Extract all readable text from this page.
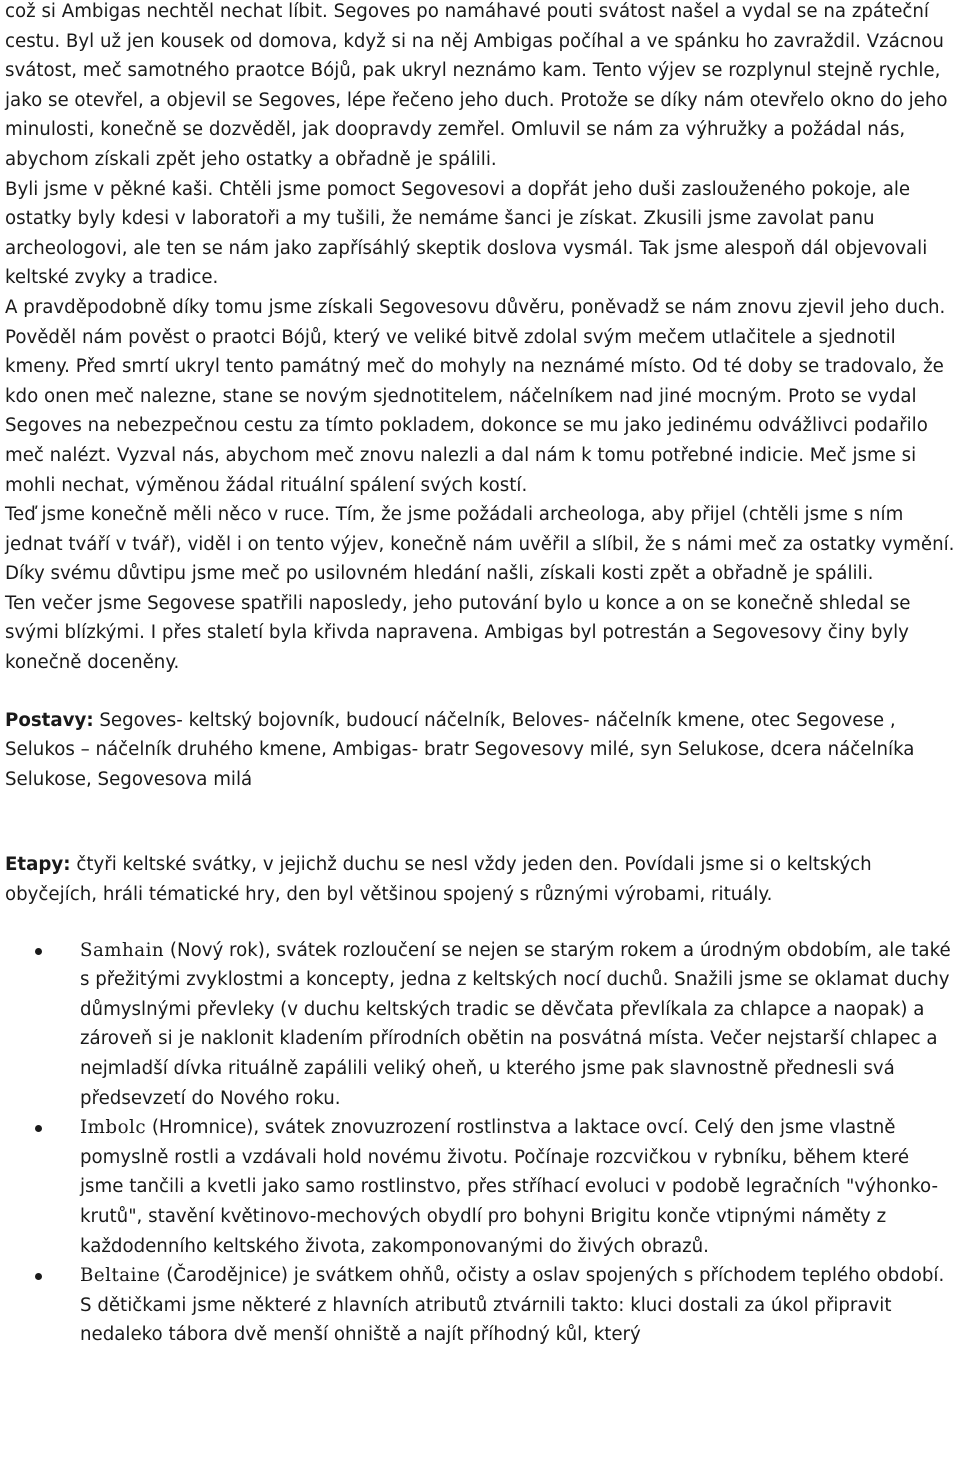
což si Ambigas nechtěl nechat líbit. Segoves po namáhavé pouti svátost našel a vydal se na zpáteční cestu. Byl už jen kousek od domova, když si na něj Ambigas počíhal a ve spánku ho zavraždil. Vzácnou svátost, meč samotného praotce Bójů, pak ukryl neznámo kam. Tento výjev se rozplynul stejně rychle, jako se otevřel, a objevil se Segoves, lépe řečeno jeho duch. Protože se díky nám otevřelo okno do jeho minulosti, konečně se dozvěděl, jak doopravdy zemřel. Omluvil se nám za výhružky a požádal nás, abychom získali zpět jeho ostatky a obřadně je spálili.

Byli jsme v pěkné kaši. Chtěli jsme pomoct Segovesovi a dopřát jeho duši zaslouženého pokoje, ale ostatky byly kdesi v laboratoři a my tušili, že nemáme šanci je získat. Zkusili jsme zavolat panu archeologovi, ale ten se nám jako zapřísáhlý skeptik doslova vysmál. Tak jsme alespoň dál objevovali keltské zvyky a tradice.

A pravděpodobně díky tomu jsme získali Segovesovu důvěru, poněvadž se nám znovu zjevil jeho duch. Pověděl nám pověst o praotci Bójů, který ve veliké bitvě zdolal svým mečem utlačitele a sjednotil kmeny. Před smrtí ukryl tento památný meč do mohyly na neznámé místo. Od té doby se tradovalo, že kdo onen meč nalezne, stane se novým sjednotitelem, náčelníkem nad jiné mocným. Proto se vydal Segoves na nebezpečnou cestu za tímto pokladem, dokonce se mu jako jedinému odvážlivci podařilo meč nalézt. Vyzval nás, abychom meč znovu nalezli a dal nám k tomu potřebné indicie. Meč jsme si mohli nechat, výměnou žádal rituální spálení svých kostí.

Teď jsme konečně měli něco v ruce. Tím, že jsme požádali archeologa, aby přijel (chtěli jsme s ním jednat tváří v tvář), viděl i on tento výjev, konečně nám uvěřil a slíbil, že s námi meč za ostatky vymění. Díky svému důvtipu jsme meč po usilovném hledání našli, získali kosti zpět a obřadně je spálili.

Ten večer jsme Segovese spatřili naposledy, jeho putování bylo u konce a on se konečně shledal se svými blízkými. I přes staletí byla křivda napravena. Ambigas byl potrestán a Segovesovy činy byly konečně doceněny.

Postavy: Segoves- keltský bojovník, budoucí náčelník, Beloves- náčelník kmene, otec Segovese , Selukos – náčelník druhého kmene, Ambigas- bratr Segovesovy milé, syn Selukose, dcera náčelníka Selukose, Segovesova milá

Etapy: čtyři keltské svátky, v jejichž duchu se nesl vždy jeden den. Povídali jsme si o keltských obyčejích, hráli tématické hry, den byl většinou spojený s různými výrobami, rituály.

Samhain (Nový rok), svátek rozloučení se nejen se starým rokem a úrodným obdobím, ale také s přežitými zvyklostmi a koncepty, jedna z keltských nocí duchů. Snažili jsme se oklamat duchy důmyslnými převleky (v duchu keltských tradic se děvčata převlíkala za chlapce a naopak) a zároveň si je naklonit kladením přírodních obětin na posvátná místa. Večer nejstarší chlapec a nejmladší dívka rituálně zapálili veliký oheň, u kterého jsme pak slavnostně přednesli svá předsevzetí do Nového roku.
Imbolc (Hromnice), svátek znovuzrození rostlinstva a laktace ovcí. Celý den jsme vlastně pomyslně rostli a vzdávali hold novému životu. Počínaje rozcvičkou v rybníku, během které jsme tančili a kvetli jako samo rostlinstvo, přes stříhací evoluci v podobě legračních "výhonko-krutů", stavění květinovo-mechových obydlí pro bohyni Brigitu konče vtipnými náměty z každodenního keltského života, zakomponovanými do živých obrazů.
Beltaine (Čarodějnice) je svátkem ohňů, očisty a oslav spojených s příchodem teplého období. S dětičkami jsme některé z hlavních atributů ztvárnili takto: kluci dostali za úkol připravit nedaleko tábora dvě menší ohniště a najít příhodný kůl, který
